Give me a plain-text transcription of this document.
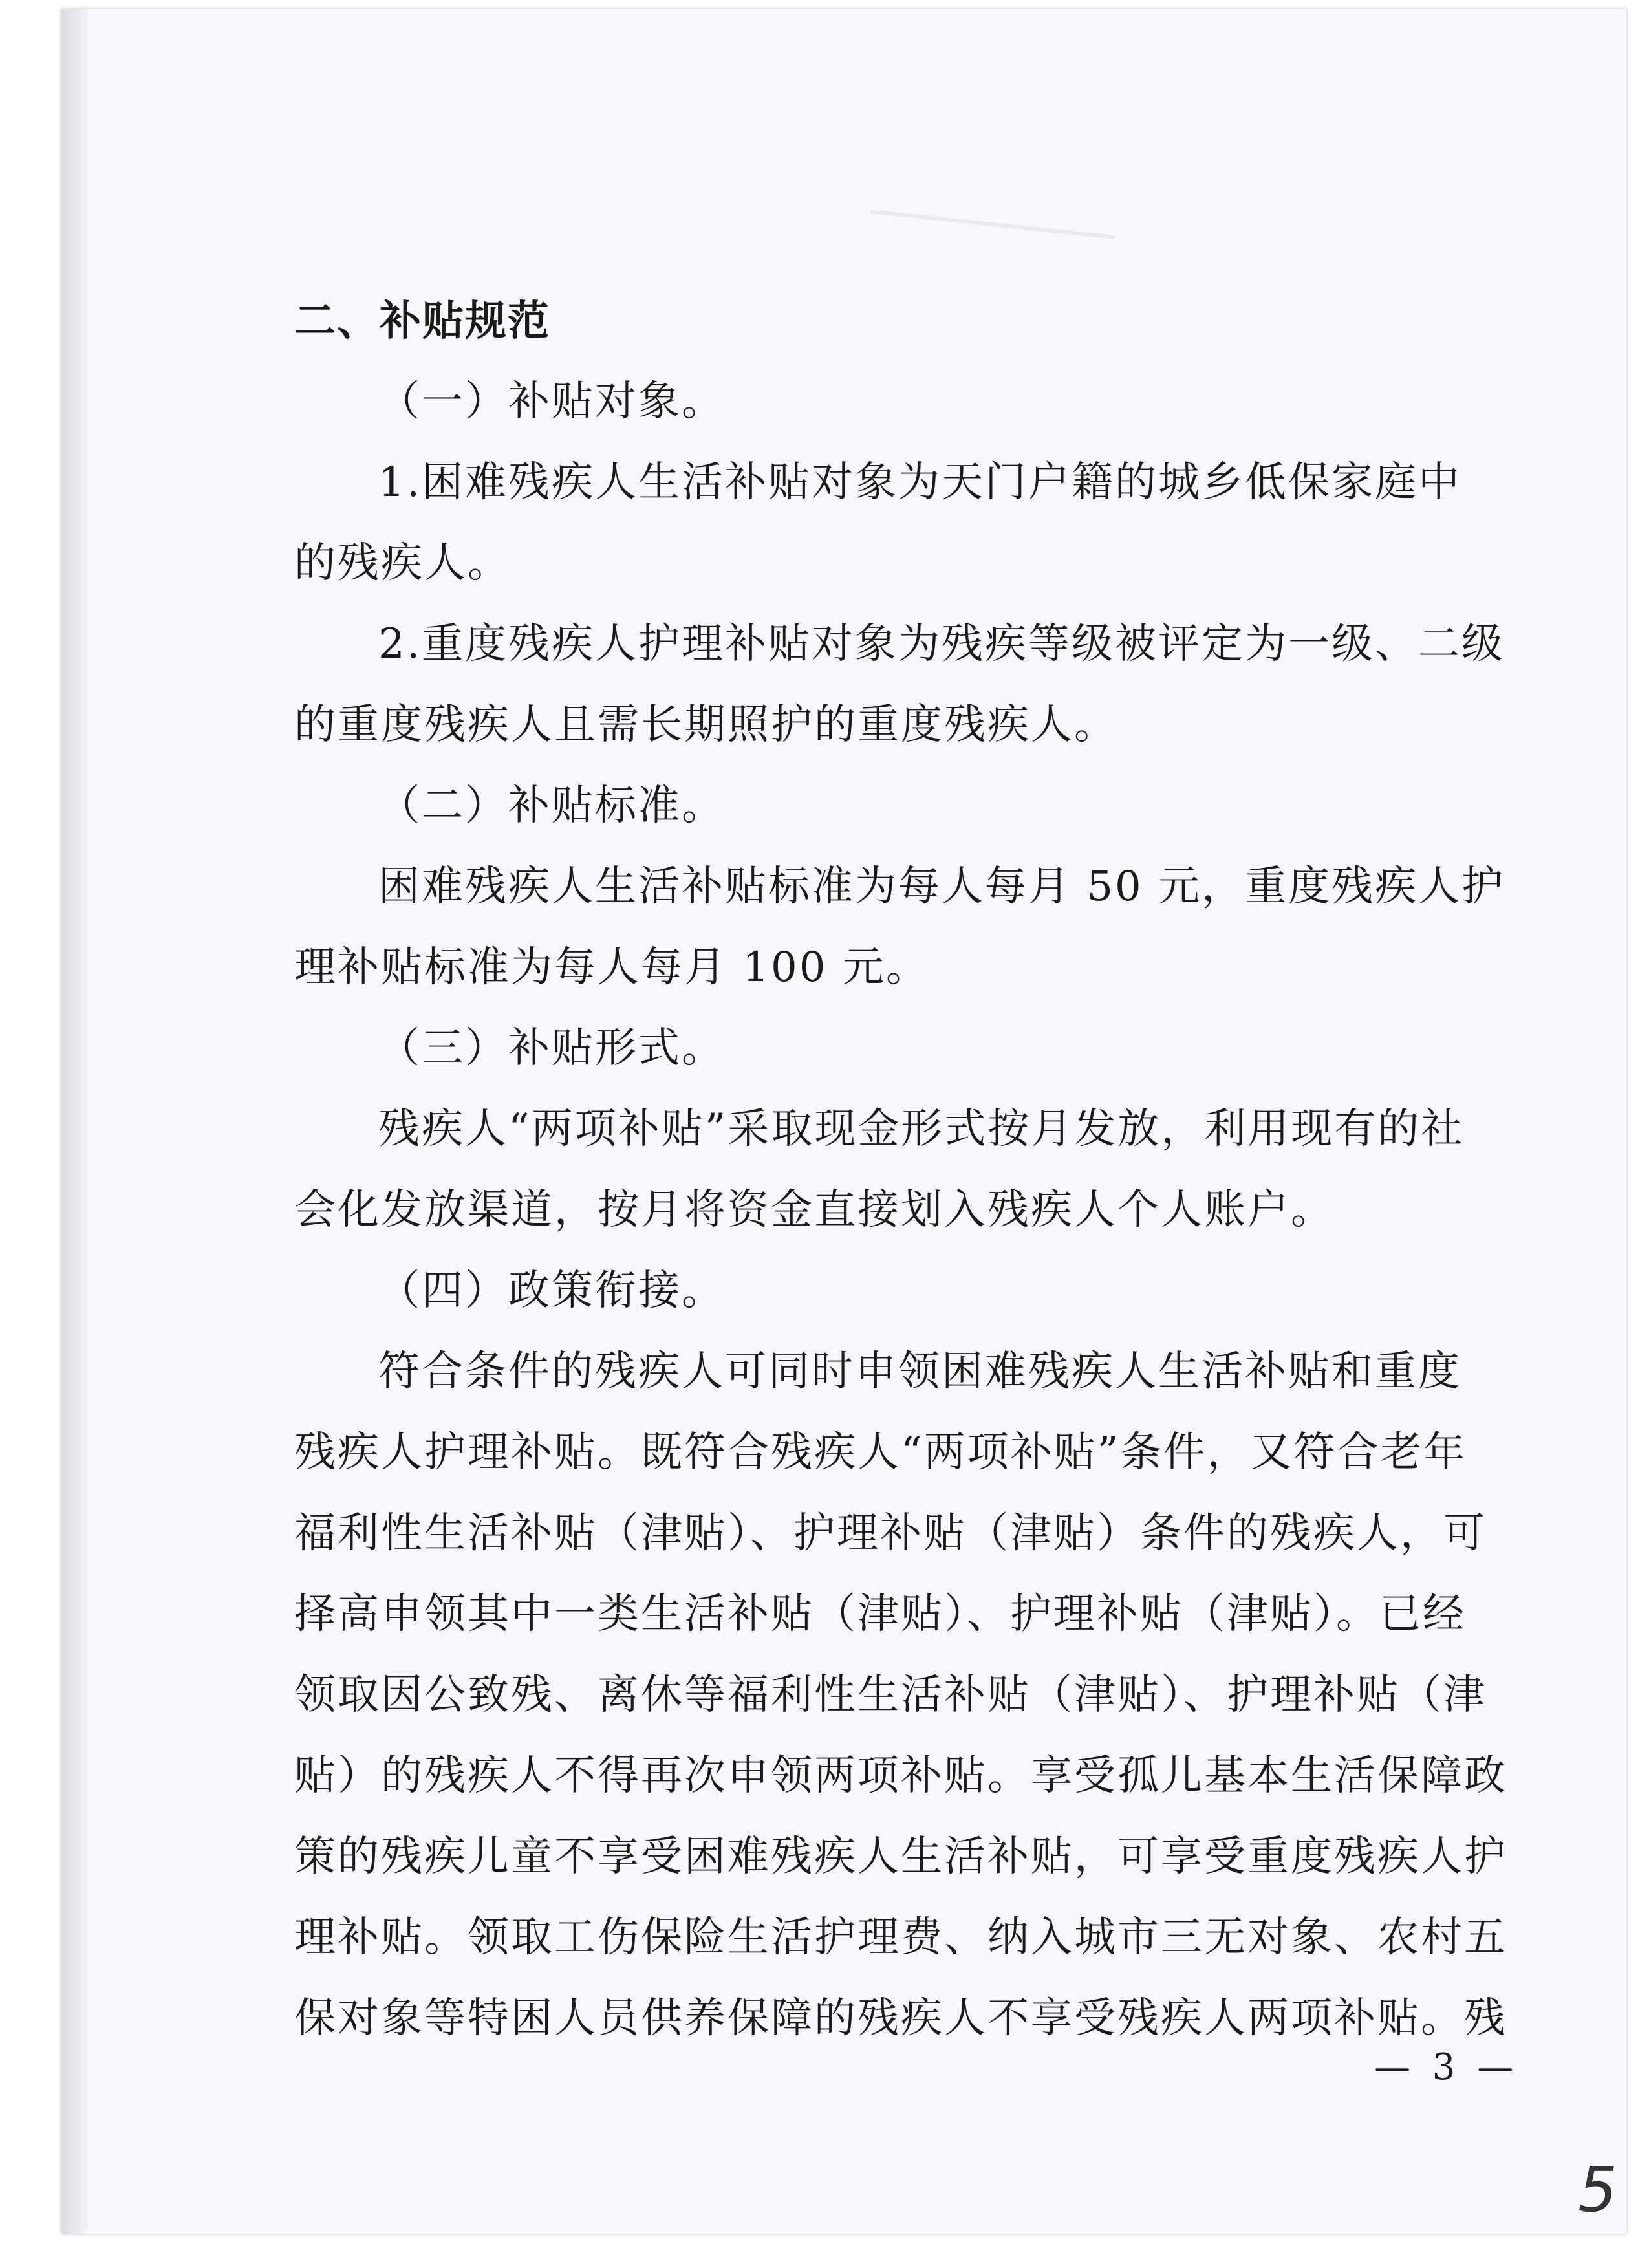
二、补贴规范
（一）补贴对象。
1.困难残疾人生活补贴对象为天门户籍的城乡低保家庭中
的残疾人。
2.重度残疾人护理补贴对象为残疾等级被评定为一级、二级
的重度残疾人且需长期照护的重度残疾人。
（二）补贴标准。
困难残疾人生活补贴标准为每人每月 50 元，重度残疾人护
理补贴标准为每人每月 100 元。
（三）补贴形式。
残疾人“两项补贴”采取现金形式按月发放，利用现有的社
会化发放渠道，按月将资金直接划入残疾人个人账户。
（四）政策衔接。
符合条件的残疾人可同时申领困难残疾人生活补贴和重度
残疾人护理补贴。既符合残疾人“两项补贴”条件，又符合老年
福利性生活补贴（津贴）、护理补贴（津贴）条件的残疾人，可
择高申领其中一类生活补贴（津贴）、护理补贴（津贴）。已经
领取因公致残、离休等福利性生活补贴（津贴）、护理补贴（津
贴）的残疾人不得再次申领两项补贴。享受孤儿基本生活保障政
策的残疾儿童不享受困难残疾人生活补贴，可享受重度残疾人护
理补贴。领取工伤保险生活护理费、纳入城市三无对象、农村五
保对象等特困人员供养保障的残疾人不享受残疾人两项补贴。残
— 3 —
5
